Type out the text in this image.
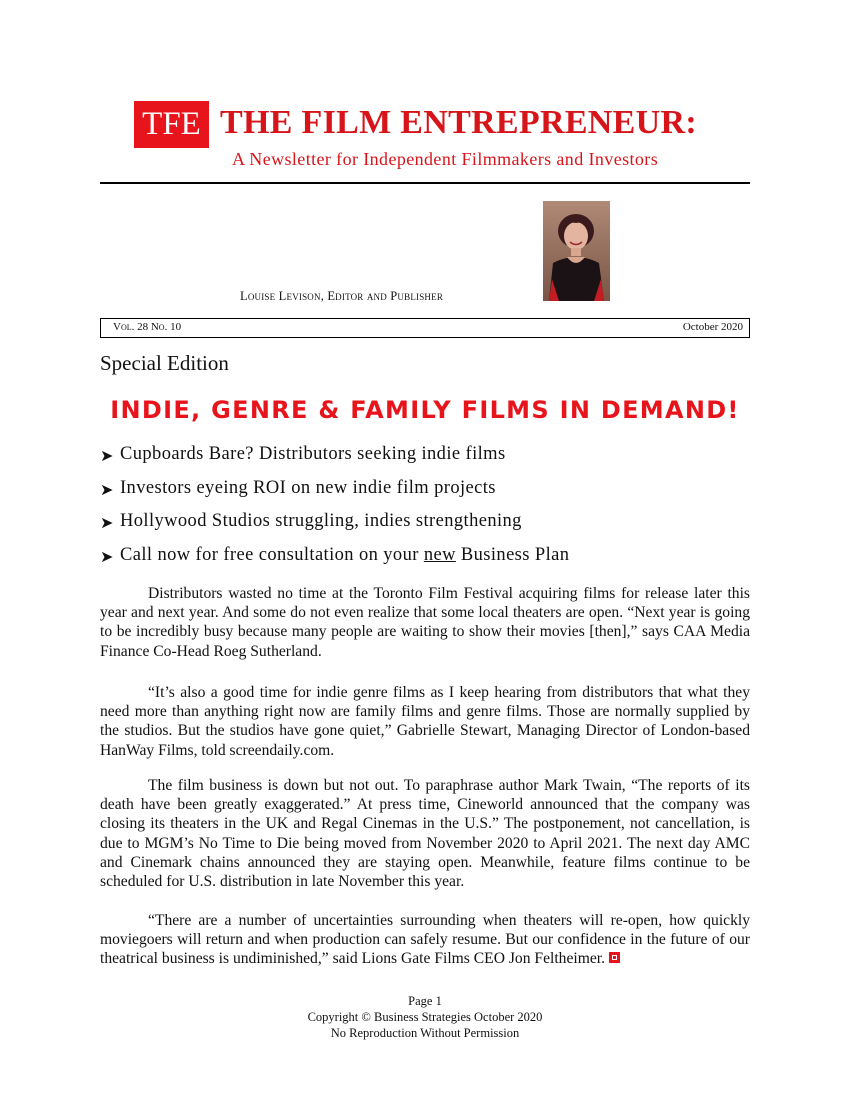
TFE THE FILM ENTREPRENEUR:
A Newsletter for Independent Filmmakers and Investors
Louise Levison, Editor and Publisher
Vol. 28 No. 10	October 2020
Special Edition
INDIE, GENRE & FAMILY FILMS IN DEMAND!
➤ Cupboards Bare? Distributors seeking indie films
➤ Investors eyeing ROI on new indie film projects
➤ Hollywood Studios struggling, indies strengthening
➤ Call now for free consultation on your new Business Plan

Distributors wasted no time at the Toronto Film Festival acquiring films for release later this year and next year. And some do not even realize that some local theaters are open. “Next year is going to be incredibly busy because many people are waiting to show their movies [then],” says CAA Media Finance Co-Head Roeg Sutherland.

“It’s also a good time for indie genre films as I keep hearing from distributors that what they need more than anything right now are family films and genre films. Those are normally supplied by the studios. But the studios have gone quiet,” Gabrielle Stewart, Managing Director of London-based HanWay Films, told screendaily.com.

The film business is down but not out. To paraphrase author Mark Twain, “The reports of its death have been greatly exaggerated.” At press time, Cineworld announced that the company was closing its theaters in the UK and Regal Cinemas in the U.S.” The postponement, not cancellation, is due to MGM’s No Time to Die being moved from November 2020 to April 2021. The next day AMC and Cinemark chains announced they are staying open. Meanwhile, feature films continue to be scheduled for U.S. distribution in late November this year.

“There are a number of uncertainties surrounding when theaters will re-open, how quickly moviegoers will return and when production can safely resume. But our confidence in the future of our theatrical business is undiminished,” said Lions Gate Films CEO Jon Feltheimer.

Page 1
Copyright © Business Strategies October 2020
No Reproduction Without Permission
